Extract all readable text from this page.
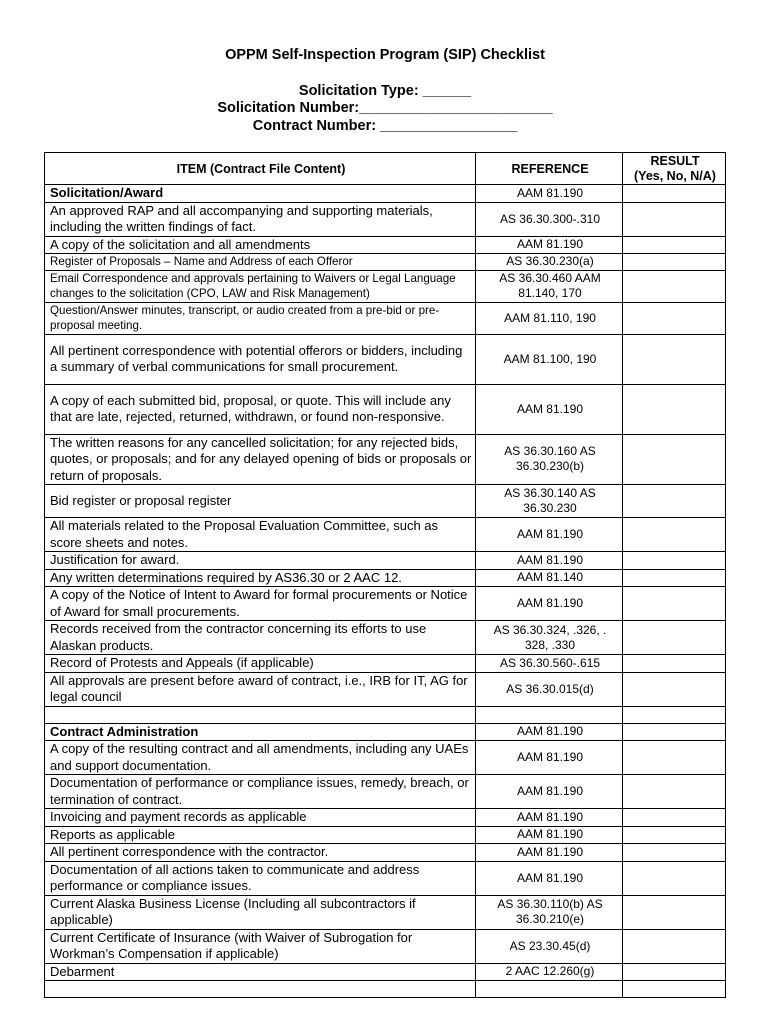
OPPM Self-Inspection Program (SIP) Checklist
Solicitation Type: ______
Solicitation Number:________________________
Contract Number: _________________
ITEM (Contract File Content)	REFERENCE	RESULT
(Yes, No, N/A)

Solicitation/Award	AAM 81.190	
An approved RAP and all accompanying and supporting materials, including the written findings of fact.	AS 36.30.300-.310	
A copy of the solicitation and all amendments	AAM 81.190	
Register of Proposals – Name and Address of each Offeror	AS 36.30.230(a)	
Email Correspondence and approvals pertaining to Waivers or Legal Language changes to the solicitation (CPO, LAW and Risk Management)	AS 36.30.460 AAM 81.140, 170	
Question/Answer minutes, transcript, or audio created from a pre-bid or pre-proposal meeting.	AAM 81.110, 190	
All pertinent correspondence with potential offerors or bidders, including a summary of verbal communications for small procurement.	AAM 81.100, 190	
A copy of each submitted bid, proposal, or quote. This will include any that are late, rejected, returned, withdrawn, or found non-responsive.	AAM 81.190	
The written reasons for any cancelled solicitation; for any rejected bids, quotes, or proposals; and for any delayed opening of bids or proposals or return of proposals.	AS 36.30.160 AS 36.30.230(b)	
Bid register or proposal register	AS 36.30.140 AS 36.30.230	
All materials related to the Proposal Evaluation Committee, such as score sheets and notes.	AAM 81.190	
Justification for award.	AAM 81.190	
Any written determinations required by AS36.30 or 2 AAC 12.	AAM 81.140	
A copy of the Notice of Intent to Award for formal procurements or Notice of Award for small procurements.	AAM 81.190	
Records received from the contractor concerning its efforts to use Alaskan products.	AS 36.30.324, .326, . 328, .330	
Record of Protests and Appeals (if applicable)	AS 36.30.560-.615	
All approvals are present before award of contract, i.e., IRB for IT, AG for legal council	AS 36.30.015(d)	

Contract Administration	AAM 81.190	
A copy of the resulting contract and all amendments, including any UAEs and support documentation.	AAM 81.190	
Documentation of performance or compliance issues, remedy, breach, or termination of contract.	AAM 81.190	
Invoicing and payment records as applicable	AAM 81.190	
Reports as applicable	AAM 81.190	
All pertinent correspondence with the contractor.	AAM 81.190	
Documentation of all actions taken to communicate and address performance or compliance issues.	AAM 81.190	
Current Alaska Business License (Including all subcontractors if applicable)	AS 36.30.110(b) AS 36.30.210(e)	
Current Certificate of Insurance (with Waiver of Subrogation for Workman’s Compensation if applicable)	AS 23.30.45(d)	
Debarment	2 AAC 12.260(g)	
